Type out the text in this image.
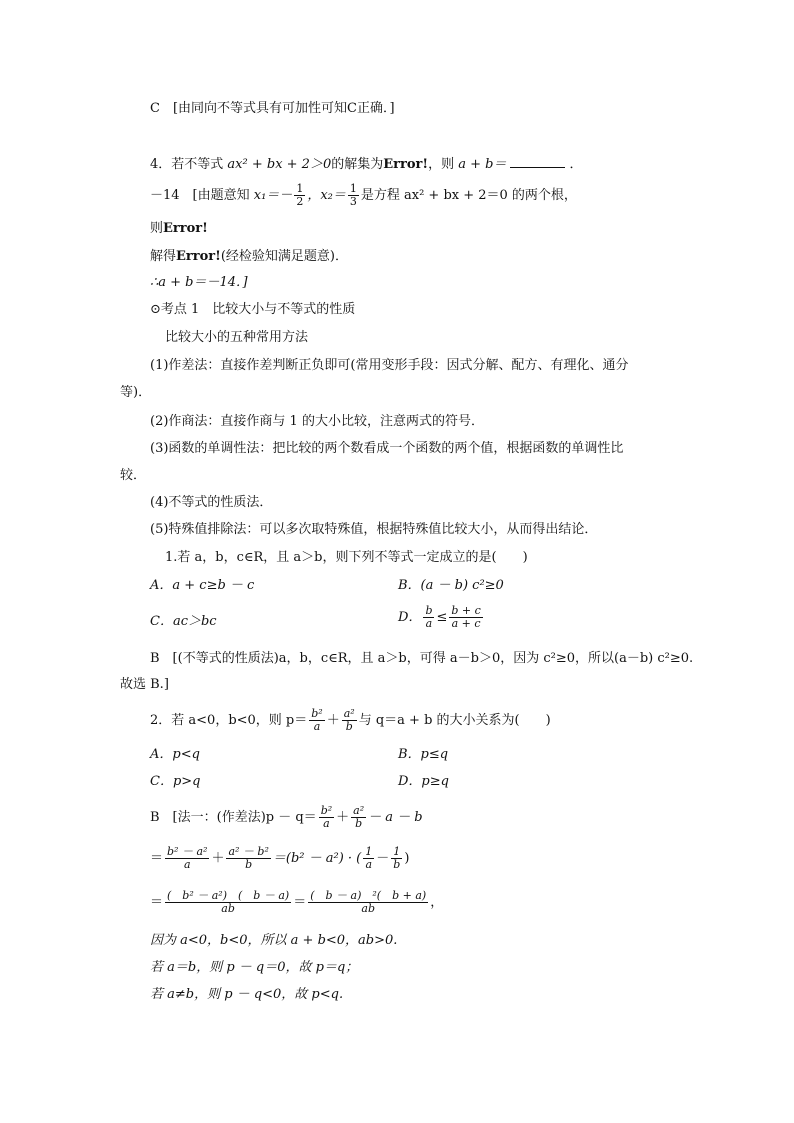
C　[由同向不等式具有可加性可知C正确．]
4．若不等式 ax² + bx + 2＞0的解集为Error!，则 a + b＝	．
－14　[由题意知 $x_1=- \frac{1}{2}$ ，$x_2= \frac{1}{3}$ 是方程 ax² + bx + 2＝0 的两个根，
则Error!
解得Error!(经检验知满足题意)．
∴a + b＝－14．]
⊙考点 1　比较大小与不等式的性质
比较大小的五种常用方法
(1)作差法：直接作差判断正负即可(常用变形手段：因式分解、配方、有理化、通分
等)．
(2)作商法：直接作商与 1 的大小比较，注意两式的符号．
(3)函数的单调性法：把比较的两个数看成一个函数的两个值，根据函数的单调性比
较．
(4)不等式的性质法．
(5)特殊值排除法：可以多次取特殊值，根据特殊值比较大小，从而得出结论．
1.若 a，b，c∈R，且 a＞b，则下列不等式一定成立的是(　　)
A．a + c≥b － c	B．(a － b) c²≥0
C．ac＞bc	D． $\frac{b}{a} \le \frac{b + c}{a + c}$
B　[(不等式的性质法)a，b，c∈R，且 a＞b，可得 a－b＞0，因为 c²≥0，所以(a－b) c²≥0.
故选 B.]
2．若 a<0，b<0，则 $p= \frac{\text{b²}}{a} + \frac{\text{a²}}{b}$ 与 q＝a + b 的大小关系为(　　)
A．p<q	B．p≤q
C．p>q	D．p≥q
B　[法一：(作差法)$p - q= \frac{\text{b²}}{a} + \frac{\text{a²}}{b} - a - b$
＝ $\frac{\text{b² － a²}}{a} + \frac{\text{a² － b²}}{b} =(b^2 - a^2)$ · ( $\frac{1}{a} - \frac{1}{b}$ )
＝ $\frac{\text{(　b² － a²)　(　b － a)}}{ab} = \frac{\text{(　b － a)　²(　b + a)}}{ab}$ ，
因为 a<0，b<0，所以 a + b<0，ab>0.
若 a＝b，则 p － q＝0，故 p＝q；
若 a≠b，则 p － q<0，故 p<q.
